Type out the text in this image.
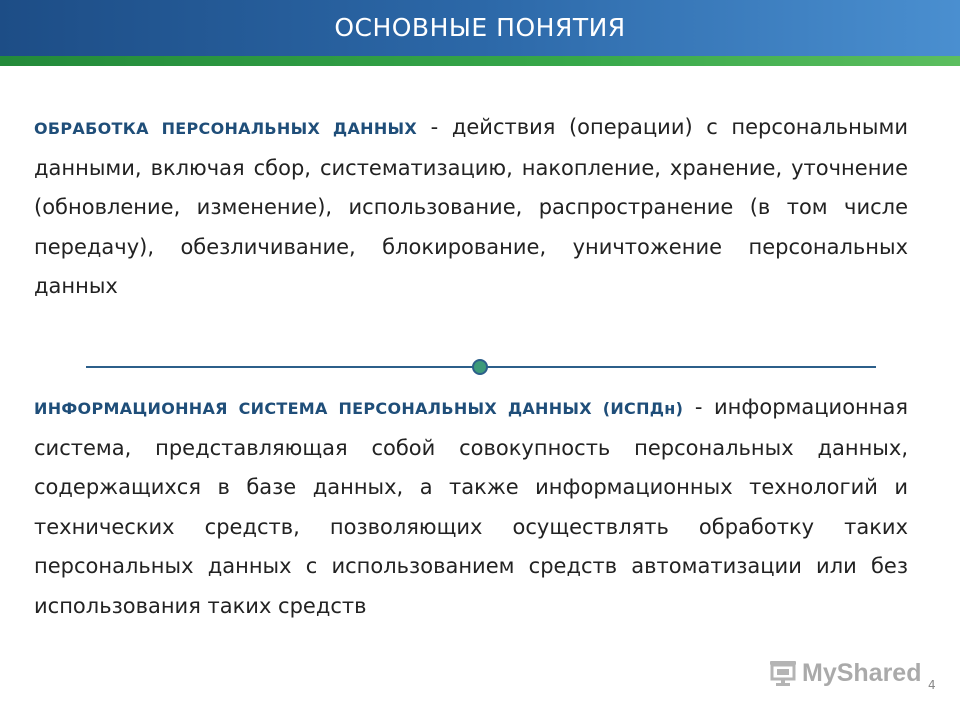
ОСНОВНЫЕ ПОНЯТИЯ
ОБРАБОТКА ПЕРСОНАЛЬНЫХ ДАННЫХ - действия (операции) с персональными данными, включая сбор, систематизацию, накопление, хранение, уточнение (обновление, изменение), использование, распространение (в том числе передачу), обезличивание, блокирование, уничтожение персональных данных
ИНФОРМАЦИОННАЯ СИСТЕМА ПЕРСОНАЛЬНЫХ ДАННЫХ (ИСПДн) - информационная система, представляющая собой совокупность персональных данных, содержащихся в базе данных, а также информационных технологий и технических средств, позволяющих осуществлять обработку таких персональных данных с использованием средств автоматизации или без использования таких средств
MyShared 4
